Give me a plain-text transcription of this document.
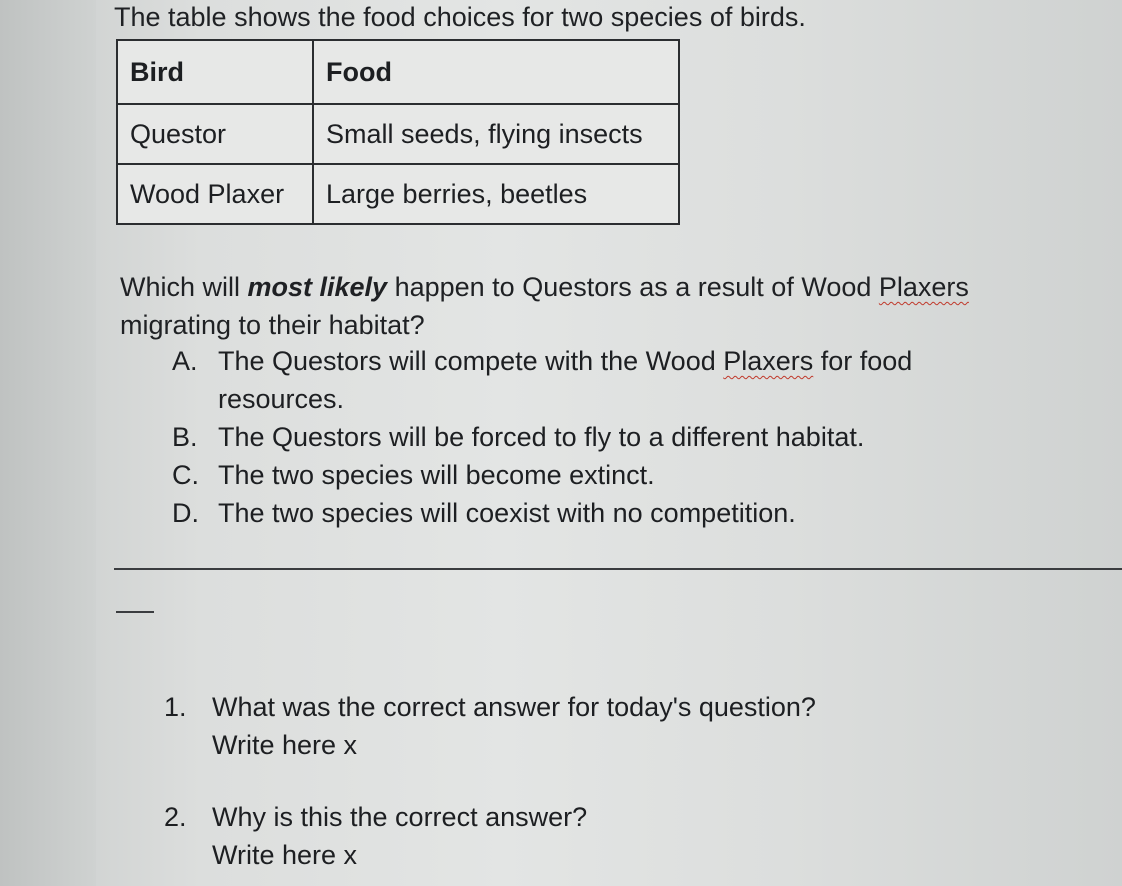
The table shows the food choices for two species of birds.

Bird	Food
Questor	Small seeds, flying insects
Wood Plaxer	Large berries, beetles

Which will most likely happen to Questors as a result of Wood Plaxers migrating to their habitat?

A. The Questors will compete with the Wood Plaxers for food resources.
B. The Questors will be forced to fly to a different habitat.
C. The two species will become extinct.
D. The two species will coexist with no competition.
1. What was the correct answer for today's question?
Write here x
2. Why is this the correct answer?
Write here x
